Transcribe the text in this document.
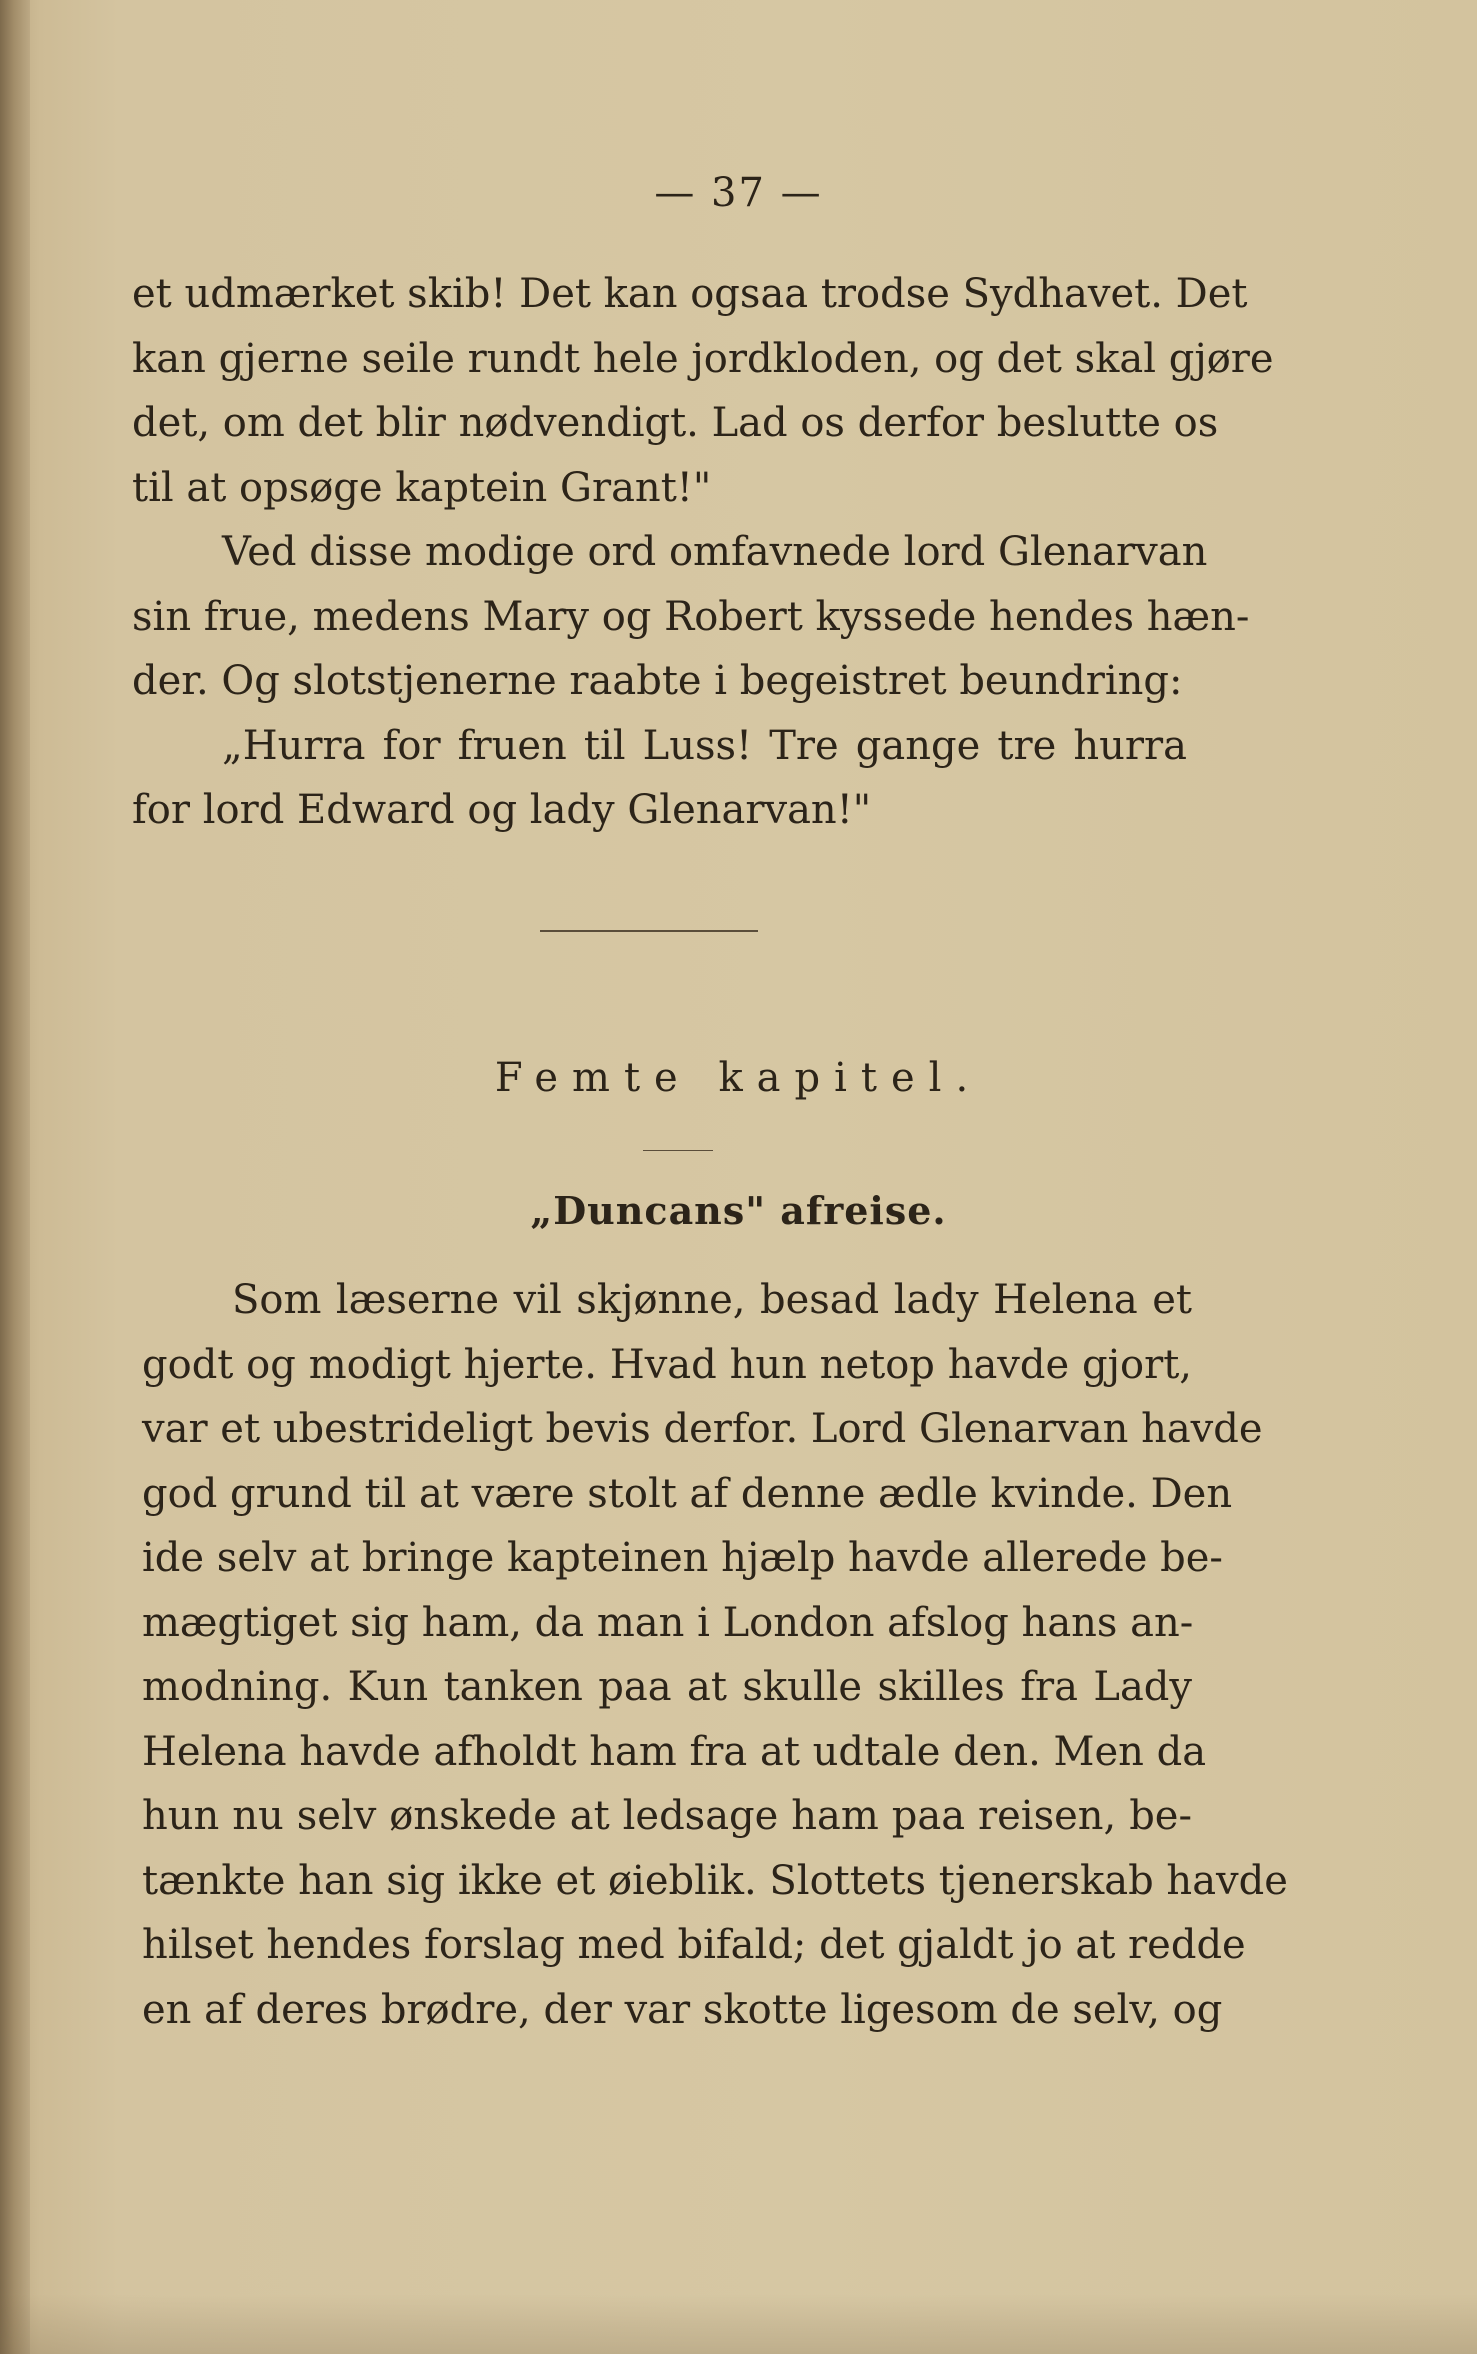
— 37 —
et udmærket skib! Det kan ogsaa trodse Sydhavet. Det
kan gjerne seile rundt hele jordkloden, og det skal gjøre
det, om det blir nødvendigt. Lad os derfor beslutte os
til at opsøge kaptein Grant!"
Ved disse modige ord omfavnede lord Glenarvan
sin frue, medens Mary og Robert kyssede hendes hæn-
der. Og slotstjenerne raabte i begeistret beundring:
„Hurra for fruen til Luss! Tre gange tre hurra
for lord Edward og lady Glenarvan!"
Femte kapitel.
„Duncans" afreise.
Som læserne vil skjønne, besad lady Helena et
godt og modigt hjerte. Hvad hun netop havde gjort,
var et ubestrideligt bevis derfor. Lord Glenarvan havde
god grund til at være stolt af denne ædle kvinde. Den
ide selv at bringe kapteinen hjælp havde allerede be-
mægtiget sig ham, da man i London afslog hans an-
modning. Kun tanken paa at skulle skilles fra Lady
Helena havde afholdt ham fra at udtale den. Men da
hun nu selv ønskede at ledsage ham paa reisen, be-
tænkte han sig ikke et øieblik. Slottets tjenerskab havde
hilset hendes forslag med bifald; det gjaldt jo at redde
en af deres brødre, der var skotte ligesom de selv, og
